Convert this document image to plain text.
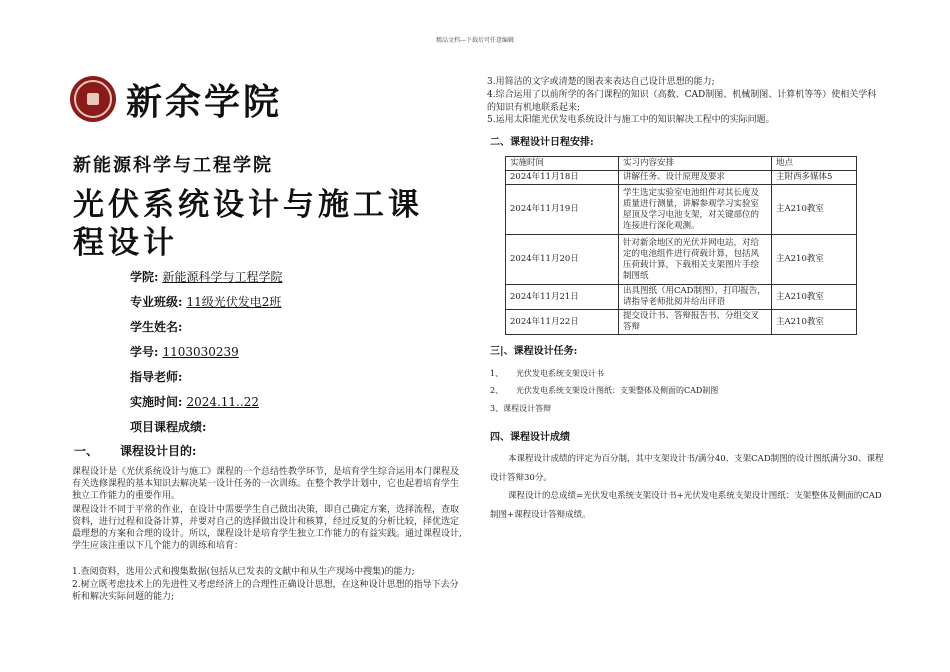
精品文档---下载后可任意编辑
新余学院
新能源科学与工程学院
光伏系统设计与施工课程设计
学院: 新能源科学与工程学院
专业班级: 11级光伏发电2班
学生姓名:
学号: 1103030239
指导老师:
实施时间: 2024.11..22
项目课程成绩:
一、 课程设计目的:
课程设计是《光伏系统设计与施工》课程的一个总结性教学环节，是培育学生综合运用本门课程及有关选修课程的基本知识去解决某一设计任务的一次训练。在整个教学计划中，它也起着培育学生独立工作能力的重要作用。
课程设计不同于平常的作业，在设计中需要学生自己做出决策，即自己确定方案，选择流程，查取资料，进行过程和设备计算，并要对自己的选择做出设计和核算，经过反复的分析比较，择优选定最理想的方案和合理的设计。所以，课程设计是培育学生独立工作能力的有益实践。通过课程设计,学生应该注重以下几个能力的训练和培育：
1.查阅资料，选用公式和搜集数据(包括从已发表的文献中和从生产现场中搜集)的能力;
2.树立既考虑技术上的先进性又考虑经济上的合理性正确设计思想，在这种设计思想的指导下去分析和解决实际问题的能力;
3.用简洁的文字或清楚的图表来表达自己设计思想的能力;
4.综合运用了以前所学的各门课程的知识（高数、CAD制图、机械制图、计算机等等）使相关学科的知识有机地联系起来;
5.运用太阳能光伏发电系统设计与施工中的知识解决工程中的实际问题。
二、课程设计日程安排:
实施时间	实习内容安排	地点
2024年11月18日	讲解任务、设计原理及要求	主附西多媒体5
2024年11月19日	学生选定实验室电池组件对其长度及质量进行测量，讲解参观学习实验室屋顶及学习电池支架，对关键部位的连接进行深化观测。	主A210教室
2024年11月20日	针对新余地区的光伏并网电站，对给定的电池组件进行荷载计算，包括风压荷载计算，下载相关支架图片手绘制图纸	主A210教室
2024年11月21日	出具图纸（用CAD制图），打印报告，请指导老师批阅并给出评语	主A210教室
2024年11月22日	提交设计书、答辩报告书、分组交叉答辩	主A210教室
三|、课程设计任务:
1、 光伏发电系统支架设计书
2、 光伏发电系统支架设计图纸：支架整体及侧面的CAD制图
3、课程设计答辩
四、课程设计成绩
本课程设计成绩的评定为百分制，其中支架设计书/满分40、支架CAD制图的设计图纸满分30、课程设计答辩30分。
课程设计的总成绩=光伏发电系统支架设计书+光伏发电系统支架设计图纸：支架整体及侧面的CAD制图+课程设计答辩成绩。
